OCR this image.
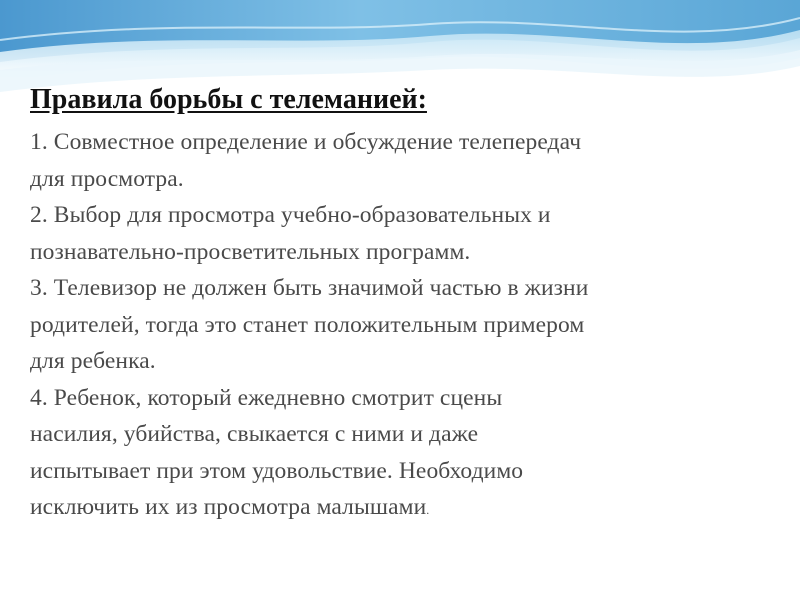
Правила борьбы с телеманией:
1. Совместное определение и обсуждение телепередач
для просмотра.
2. Выбор для просмотра учебно-образовательных и
познавательно-просветительных программ.
3. Телевизор не должен быть значимой частью в жизни
родителей, тогда это станет положительным примером
для ребенка.
4. Ребенок, который ежедневно смотрит сцены
насилия, убийства, свыкается с ними и даже
испытывает при этом удовольствие. Необходимо
исключить их из просмотра малышами.
